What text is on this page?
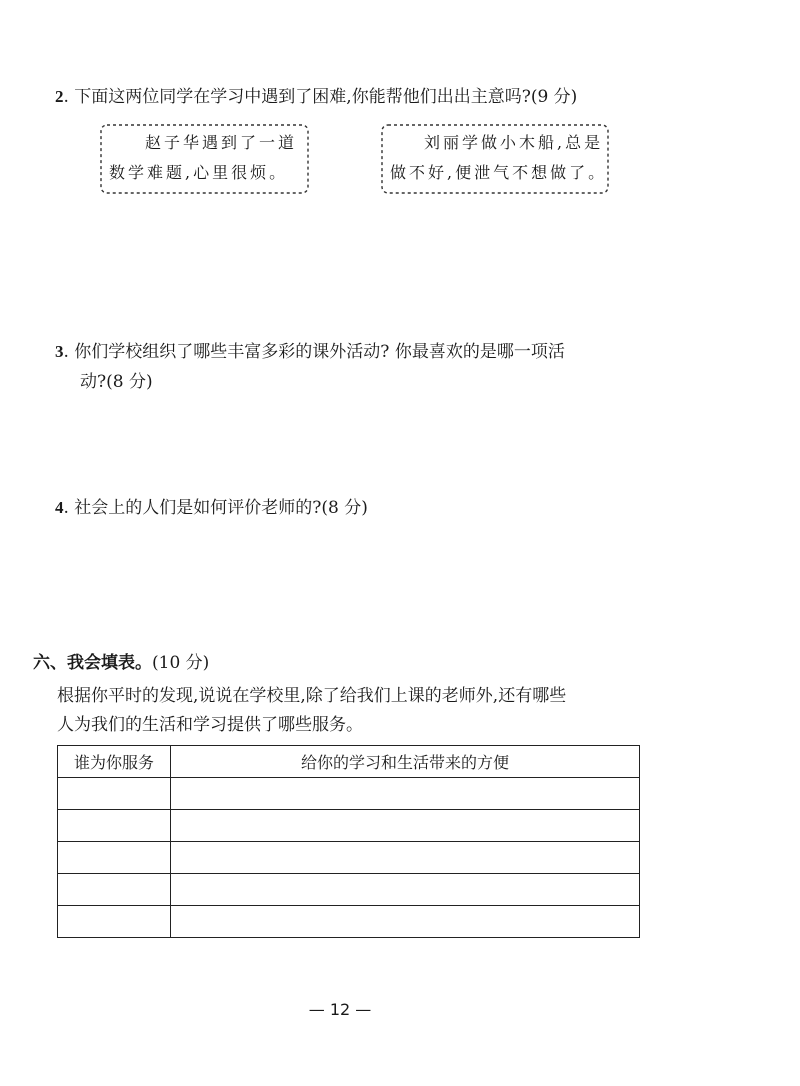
2. 下面这两位同学在学习中遇到了困难,你能帮他们出出主意吗?(9 分)
赵子华遇到了一道
数学难题,心里很烦。
刘丽学做小木船,总是
做不好,便泄气不想做了。
3. 你们学校组织了哪些丰富多彩的课外活动? 你最喜欢的是哪一项活
动?(8 分)
4. 社会上的人们是如何评价老师的?(8 分)
六、我会填表。(10 分)
根据你平时的发现,说说在学校里,除了给我们上课的老师外,还有哪些
人为我们的生活和学习提供了哪些服务。
谁为你服务	给你的学习和生活带来的方便

— 12 —
